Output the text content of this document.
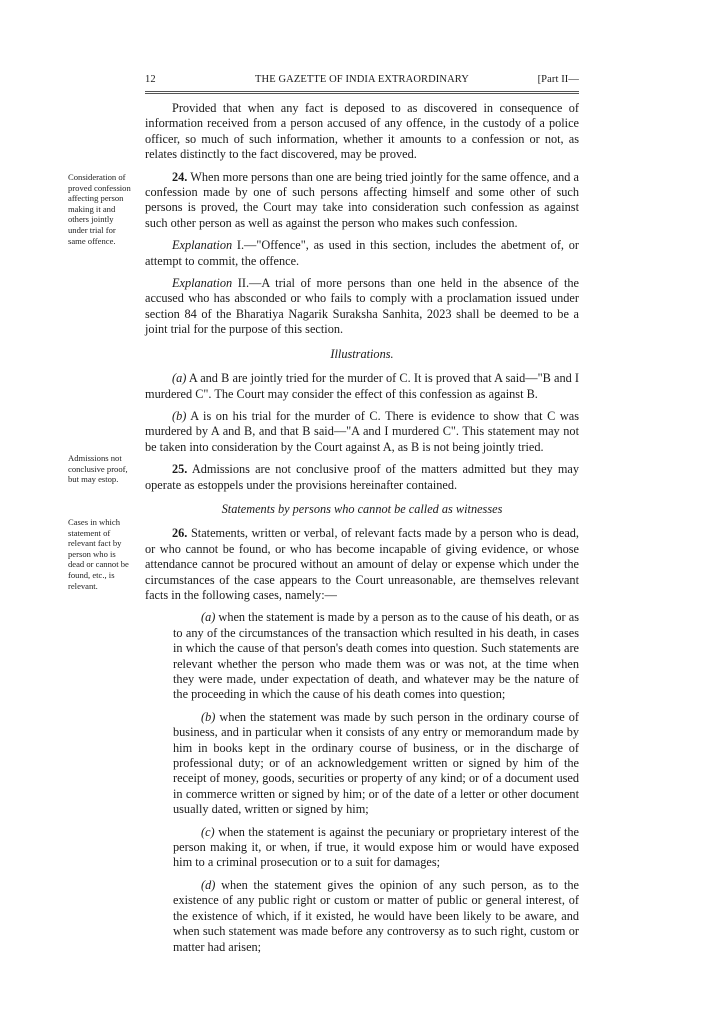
12	THE GAZETTE OF INDIA EXTRAORDINARY	[Part II—
Consideration of proved confession affecting person making it and others jointly under trial for same offence.
Admissions not conclusive proof, but may estop.
Cases in which statement of relevant fact by person who is dead or cannot be found, etc., is relevant.

Provided that when any fact is deposed to as discovered in consequence of information received from a person accused of any offence, in the custody of a police officer, so much of such information, whether it amounts to a confession or not, as relates distinctly to the fact discovered, may be proved.

24. When more persons than one are being tried jointly for the same offence, and a confession made by one of such persons affecting himself and some other of such persons is proved, the Court may take into consideration such confession as against such other person as well as against the person who makes such confession.

Explanation I.—"Offence", as used in this section, includes the abetment of, or attempt to commit, the offence.

Explanation II.—A trial of more persons than one held in the absence of the accused who has absconded or who fails to comply with a proclamation issued under section 84 of the Bharatiya Nagarik Suraksha Sanhita, 2023 shall be deemed to be a joint trial for the purpose of this section.

Illustrations.

(a) A and B are jointly tried for the murder of C. It is proved that A said—"B and I murdered C". The Court may consider the effect of this confession as against B.

(b) A is on his trial for the murder of C. There is evidence to show that C was murdered by A and B, and that B said—"A and I murdered C". This statement may not be taken into consideration by the Court against A, as B is not being jointly tried.

25. Admissions are not conclusive proof of the matters admitted but they may operate as estoppels under the provisions hereinafter contained.

Statements by persons who cannot be called as witnesses

26. Statements, written or verbal, of relevant facts made by a person who is dead, or who cannot be found, or who has become incapable of giving evidence, or whose attendance cannot be procured without an amount of delay or expense which under the circumstances of the case appears to the Court unreasonable, are themselves relevant facts in the following cases, namely:—

(a) when the statement is made by a person as to the cause of his death, or as to any of the circumstances of the transaction which resulted in his death, in cases in which the cause of that person's death comes into question. Such statements are relevant whether the person who made them was or was not, at the time when they were made, under expectation of death, and whatever may be the nature of the proceeding in which the cause of his death comes into question;

(b) when the statement was made by such person in the ordinary course of business, and in particular when it consists of any entry or memorandum made by him in books kept in the ordinary course of business, or in the discharge of professional duty; or of an acknowledgement written or signed by him of the receipt of money, goods, securities or property of any kind; or of a document used in commerce written or signed by him; or of the date of a letter or other document usually dated, written or signed by him;

(c) when the statement is against the pecuniary or proprietary interest of the person making it, or when, if true, it would expose him or would have exposed him to a criminal prosecution or to a suit for damages;

(d) when the statement gives the opinion of any such person, as to the existence of any public right or custom or matter of public or general interest, of the existence of which, if it existed, he would have been likely to be aware, and when such statement was made before any controversy as to such right, custom or matter had arisen;
